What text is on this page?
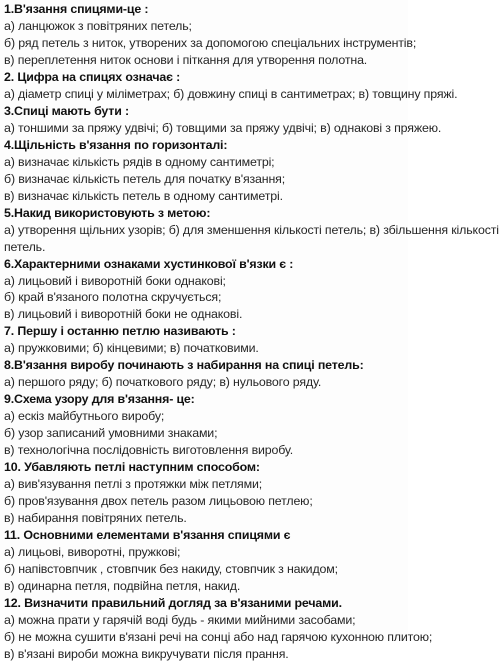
1.В'язання спицями-це :
а) ланцюжок з повітряних петель;
б) ряд петель з ниток, утворених за допомогою спеціальних інструментів;
в) переплетення ниток основи і піткання для утворення полотна.
2. Цифра на спицях означає :
а) діаметр спиці у міліметрах; б) довжину спиці в сантиметрах; в) товщину пряжі.
3.Спиці мають бути :
а) тоншими за пряжу удвічі; б) товщими за пряжу удвічі; в) однакові з пряжею.
4.Щільність в'язання по горизонталі:
а) визначає кількість рядів в одному сантиметрі;
б) визначає кількість петель для початку в'язання;
в) визначає кількість петель в одному сантиметрі.
5.Накид використовують з метою:
а) утворення щільних узорів; б) для зменшення кількості петель; в) збільшення кількості
петель.
6.Характерними ознаками хустинкової в'язки є :
а) лицьовий і виворотній боки однакові;
б) край в'язаного полотна скручується;
в) лицьовий і виворотній боки не однакові.
7. Першу і останню петлю називають :
а) пружковими; б) кінцевими; в) початковими.
8.В'язання виробу починають з набирання на спиці петель:
а) першого ряду; б) початкового ряду; в) нульового ряду.
9.Схема узору для в'язання- це:
а) ескіз майбутнього виробу;
б) узор записаний умовними знаками;
в) технологічна послідовність виготовлення виробу.
10. Убавляють петлі наступним способом:
а) вив'язування петлі з протяжки між петлями;
б) пров'язування двох петель разом лицьовою петлею;
в) набирання повітряних петель.
11. Основними елементами в'язання спицями є
а) лицьові, виворотні, пружкові;
б) напівстовпчик , стовпчик без накиду, стовпчик з накидом;
в) одинарна петля, подвійна петля, накид.
12. Визначити правильний догляд за в'язаними речами.
а) можна прати у гарячій воді будь - якими мийними засобами;
б) не можна сушити в'язані речі на сонці або над гарячою кухонною плитою;
в) в'язані вироби можна викручувати після прання.
